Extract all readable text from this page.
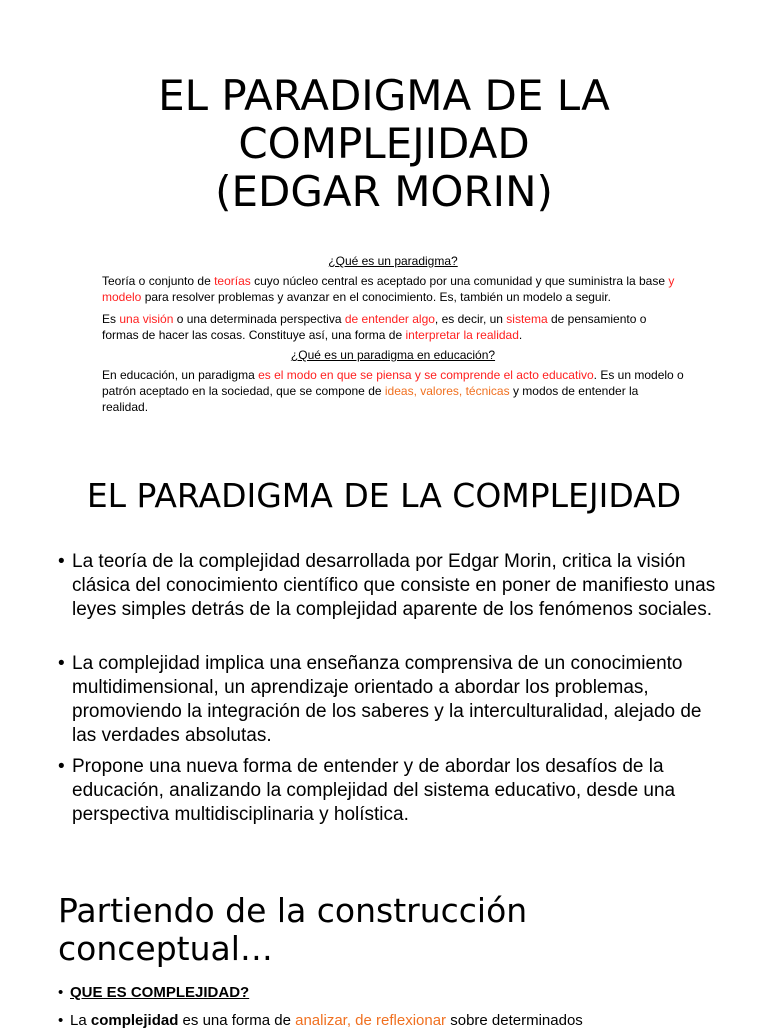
EL PARADIGMA DE LA
COMPLEJIDAD
(EDGAR MORIN)
¿Qué es un paradigma?
Teoría o conjunto de teorías cuyo núcleo central es aceptado por una comunidad y que suministra la base y modelo para resolver problemas y avanzar en el conocimiento. Es, también un modelo a seguir.
Es una visión o una determinada perspectiva de entender algo, es decir, un sistema de pensamiento o formas de hacer las cosas. Constituye así, una forma de interpretar la realidad.
¿Qué es un paradigma en educación?
En educación, un paradigma es el modo en que se piensa y se comprende el acto educativo. Es un modelo o patrón aceptado en la sociedad, que se compone de ideas, valores, técnicas y modos de entender la realidad.
EL PARADIGMA DE LA COMPLEJIDAD
• La teoría de la complejidad desarrollada por Edgar Morin, critica la visión clásica del conocimiento científico que consiste en poner de manifiesto unas leyes simples detrás de la complejidad aparente de los fenómenos sociales.
• La complejidad implica una enseñanza comprensiva de un conocimiento multidimensional, un aprendizaje orientado a abordar los problemas, promoviendo la integración de los saberes y la interculturalidad, alejado de las verdades absolutas.
• Propone una nueva forma de entender y de abordar los desafíos de la educación, analizando la complejidad del sistema educativo, desde una perspectiva multidisciplinaria y holística.
Partiendo de la construcción conceptual…
• QUE ES COMPLEJIDAD?
• La complejidad es una forma de analizar, de reflexionar sobre determinados
